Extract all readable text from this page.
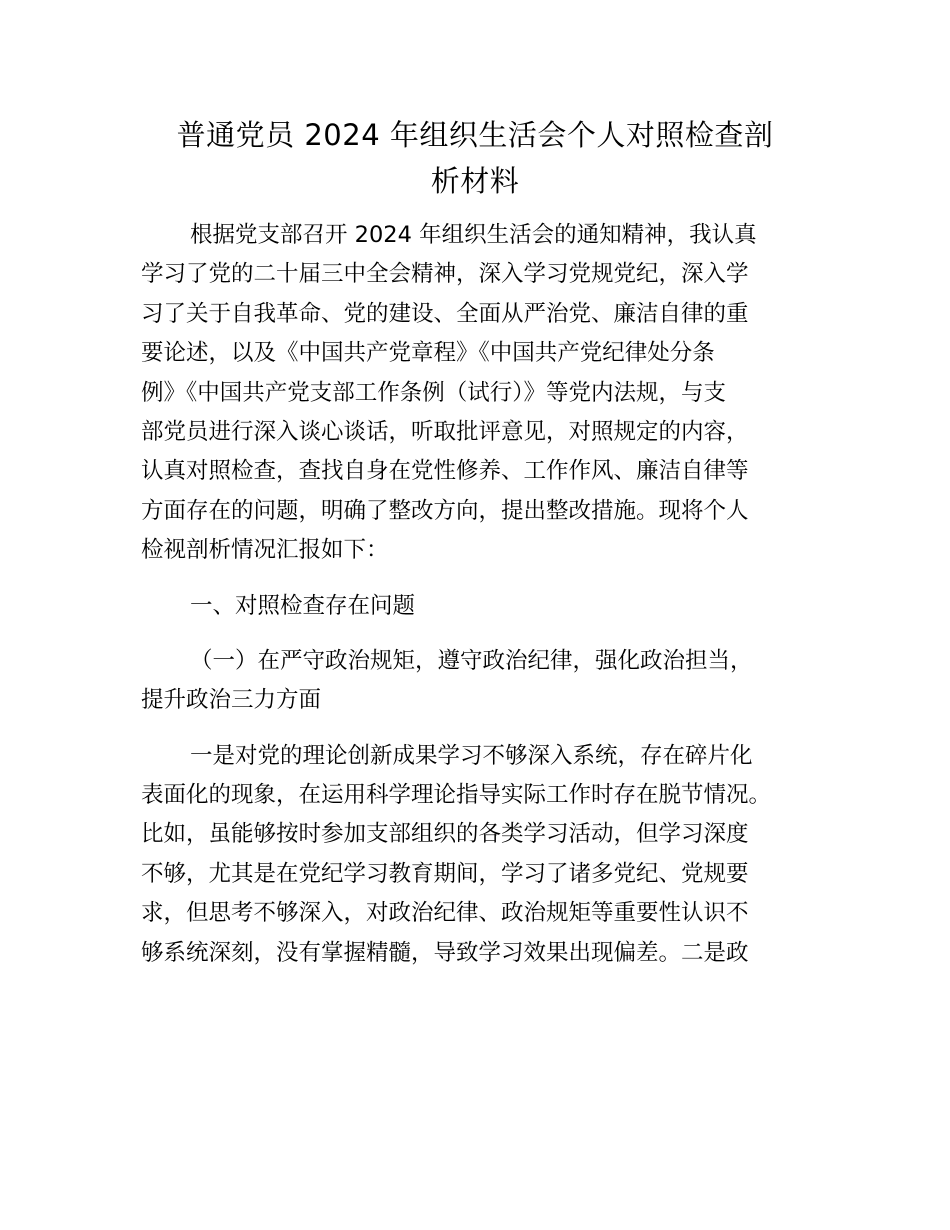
普通党员 2024 年组织生活会个人对照检查剖
析材料
根据党支部召开 2024 年组织生活会的通知精神，我认真
学习了党的二十届三中全会精神，深入学习党规党纪，深入学
习了关于自我革命、党的建设、全面从严治党、廉洁自律的重
要论述，以及《中国共产党章程》《中国共产党纪律处分条
例》《中国共产党支部工作条例（试行）》等党内法规，与支
部党员进行深入谈心谈话，听取批评意见，对照规定的内容，
认真对照检查，查找自身在党性修养、工作作风、廉洁自律等
方面存在的问题，明确了整改方向，提出整改措施。现将个人
检视剖析情况汇报如下：
一、对照检查存在问题
（一）在严守政治规矩，遵守政治纪律，强化政治担当，
提升政治三力方面
一是对党的理论创新成果学习不够深入系统，存在碎片化
表面化的现象，在运用科学理论指导实际工作时存在脱节情况。
比如，虽能够按时参加支部组织的各类学习活动，但学习深度
不够，尤其是在党纪学习教育期间，学习了诸多党纪、党规要
求，但思考不够深入，对政治纪律、政治规矩等重要性认识不
够系统深刻，没有掌握精髓，导致学习效果出现偏差。二是政
